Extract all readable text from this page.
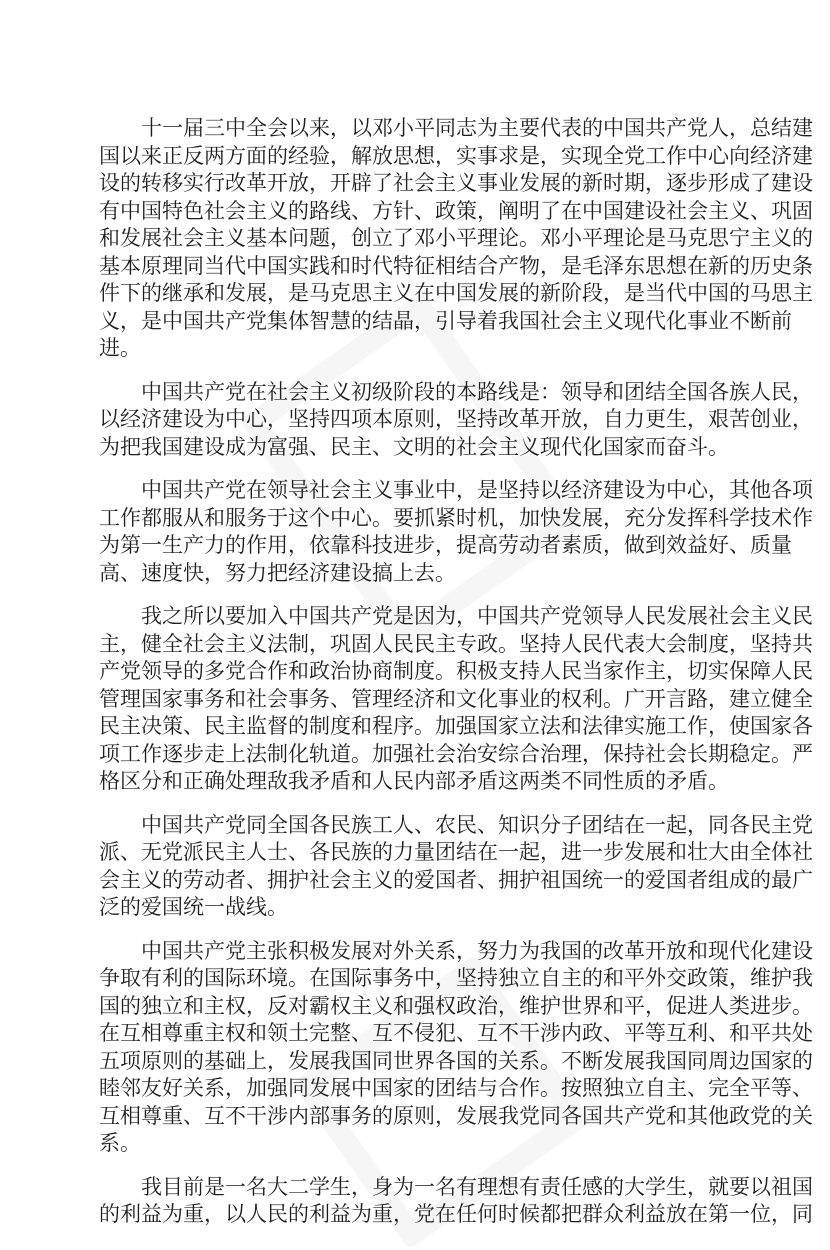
十一届三中全会以来，以邓小平同志为主要代表的中国共产党人，总结建
国以来正反两方面的经验，解放思想，实事求是，实现全党工作中心向经济建
设的转移实行改革开放，开辟了社会主义事业发展的新时期，逐步形成了建设
有中国特色社会主义的路线、方针、政策，阐明了在中国建设社会主义、巩固
和发展社会主义基本问题，创立了邓小平理论。邓小平理论是马克思宁主义的
基本原理同当代中国实践和时代特征相结合产物，是毛泽东思想在新的历史条
件下的继承和发展，是马克思主义在中国发展的新阶段，是当代中国的马思主
义，是中国共产党集体智慧的结晶，引导着我国社会主义现代化事业不断前
进。
中国共产党在社会主义初级阶段的本路线是：领导和团结全国各族人民，
以经济建设为中心，坚持四项本原则，坚持改革开放，自力更生，艰苦创业，
为把我国建设成为富强、民主、文明的社会主义现代化国家而奋斗。
中国共产党在领导社会主义事业中，是坚持以经济建设为中心，其他各项
工作都服从和服务于这个中心。要抓紧时机，加快发展，充分发挥科学技术作
为第一生产力的作用，依靠科技进步，提高劳动者素质，做到效益好、质量
高、速度快，努力把经济建设搞上去。
我之所以要加入中国共产党是因为，中国共产党领导人民发展社会主义民
主，健全社会主义法制，巩固人民民主专政。坚持人民代表大会制度，坚持共
产党领导的多党合作和政治协商制度。积极支持人民当家作主，切实保障人民
管理国家事务和社会事务、管理经济和文化事业的权利。广开言路，建立健全
民主决策、民主监督的制度和程序。加强国家立法和法律实施工作，使国家各
项工作逐步走上法制化轨道。加强社会治安综合治理，保持社会长期稳定。严
格区分和正确处理敌我矛盾和人民内部矛盾这两类不同性质的矛盾。
中国共产党同全国各民族工人、农民、知识分子团结在一起，同各民主党
派、无党派民主人士、各民族的力量团结在一起，进一步发展和壮大由全体社
会主义的劳动者、拥护社会主义的爱国者、拥护祖国统一的爱国者组成的最广
泛的爱国统一战线。
中国共产党主张积极发展对外关系，努力为我国的改革开放和现代化建设
争取有利的国际环境。在国际事务中，坚持独立自主的和平外交政策，维护我
国的独立和主权，反对霸权主义和强权政治，维护世界和平，促进人类进步。
在互相尊重主权和领土完整、互不侵犯、互不干涉内政、平等互利、和平共处
五项原则的基础上，发展我国同世界各国的关系。不断发展我国同周边国家的
睦邻友好关系，加强同发展中国家的团结与合作。按照独立自主、完全平等、
互相尊重、互不干涉内部事务的原则，发展我党同各国共产党和其他政党的关
系。
我目前是一名大二学生，身为一名有理想有责任感的大学生，就要以祖国
的利益为重，以人民的利益为重，党在任何时候都把群众利益放在第一位，同
